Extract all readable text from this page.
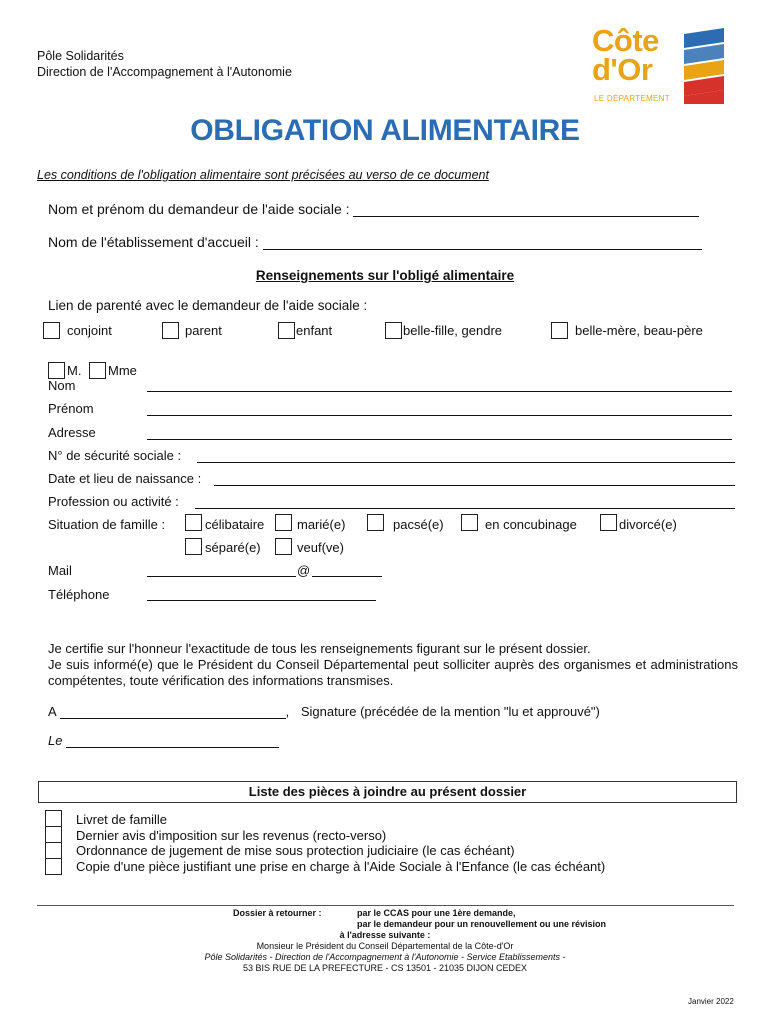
Pôle Solidarités
Direction de l'Accompagnement à l'Autonomie
Côte
d'Or
LE DÉPARTEMENT
OBLIGATION ALIMENTAIRE
Les conditions de l'obligation alimentaire sont précisées au verso de ce document
Nom et prénom du demandeur de l'aide sociale :
Nom de l'établissement d'accueil :
Renseignements sur l'obligé alimentaire
Lien de parenté avec le demandeur de l'aide sociale :
conjoint	parent	enfant	belle-fille, gendre	belle-mère, beau-père
M. Mme
Nom
Prénom
Adresse
N° de sécurité sociale :
Date et lieu de naissance :
Profession ou activité :
Situation de famille :	célibataire	marié(e)	pacsé(e)	en concubinage	divorcé(e)
séparé(e)	veuf(ve)
Mail	@
Téléphone
Je certifie sur l'honneur l'exactitude de tous les renseignements figurant sur le présent dossier.
Je suis informé(e) que le Président du Conseil Départemental peut solliciter auprès des organismes et administrations compétentes, toute vérification des informations transmises.
A	, Signature (précédée de la mention "lu et approuvé")
Le
Liste des pièces à joindre au présent dossier
Livret de famille
Dernier avis d'imposition sur les revenus (recto-verso)
Ordonnance de jugement de mise sous protection judiciaire (le cas échéant)
Copie d'une pièce justifiant une prise en charge à l'Aide Sociale à l'Enfance (le cas échéant)
Dossier à retourner :	par le CCAS pour une 1ère demande,
par le demandeur pour un renouvellement ou une révision
à l'adresse suivante :
Monsieur le Président du Conseil Départemental de la Côte-d'Or
Pôle Solidarités - Direction de l'Accompagnement à l'Autonomie - Service Etablissements -
53 BIS RUE DE LA PREFECTURE - CS 13501 - 21035 DIJON CEDEX
Janvier 2022
